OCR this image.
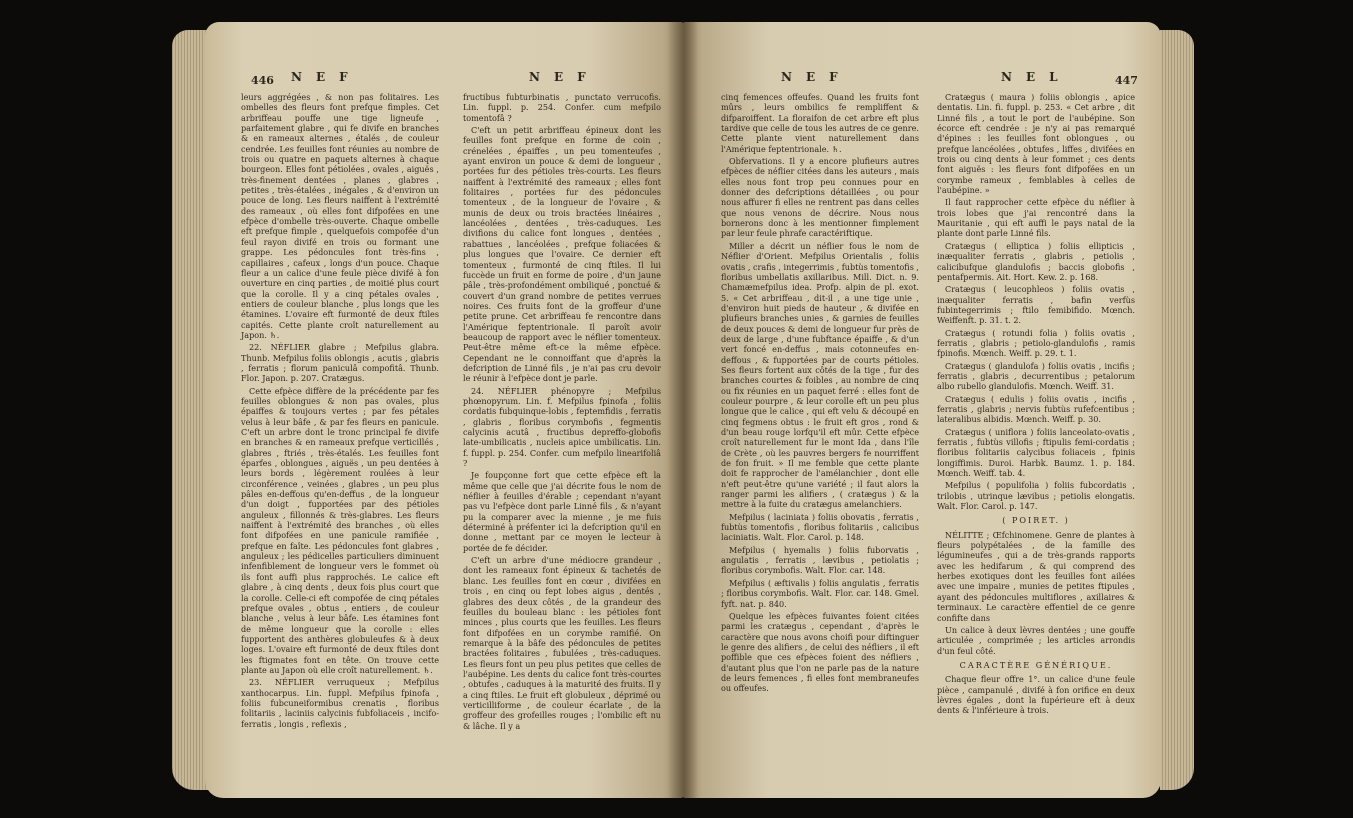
446 NEF	NEF

leurs aggrégées , & non pas folitaires. Les ombelles des fleurs font prefque fimples. Cet arbriffeau pouffe une tige ligneufe , parfaitement glabre , qui fe divife en branches & en rameaux alternes , étalés , de couleur cendrée. Les feuilles font réunies au nombre de trois ou quatre en paquets alternes à chaque bourgeon. Elles font pétiolées , ovales , aiguës , très-finement dentées , planes , glabres , petites , très-étalées , inégales , & d'environ un pouce de long. Les fleurs naiffent à l'extrémité des rameaux , où elles font difpofées en une efpèce d'ombelle très-ouverte. Chaque ombelle eft prefque fimple , quelquefois compofée d'un feul rayon divifé en trois ou formant une grappe. Les pédoncules font très-fins , capillaires , cafeux , longs d'un pouce. Chaque fleur a un calice d'une feule pièce divifé à fon ouverture en cinq parties , de moitié plus court que la corolle. Il y a cinq pétales ovales , entiers de couleur blanche , plus longs que les étamines. L'ovaire eft furmonté de deux ftiles capités. Cette plante croît naturellement au Japon. ♄.

22. NÉFLIER glabre ; Mefpilus glabra. Thunb. Mefpilus foliis oblongis , acutis , glabris , ferratis ; florum paniculâ compofitâ. Thunb. Flor. Japon. p. 207. Cratægus.

Cette efpèce diffère de la précédente par fes feuilles oblongues & non pas ovales, plus épaiffes & toujours vertes ; par fes pétales velus à leur bâfe , & par fes fleurs en panicule. C'eft un arbre dont le tronc principal fe divife en branches & en rameaux prefque verticillés , glabres , ftriés , très-étalés. Les feuilles font éparfes , oblongues , aiguës , un peu dentées à leurs bords , légèrement roulées à leur circonférence , veinées , glabres , un peu plus pâles en-deffous qu'en-deffus , de la longueur d'un doigt , fupportées par des pétioles anguleux , fillonnés & très-glabres. Les fleurs naiffent à l'extrémité des branches , où elles font difpofées en une panicule ramifiée , prefque en faîte. Les pédoncules font glabres , anguleux ; les pédicelles particuliers diminuent infenfiblement de longueur vers le fommet où ils font auffi plus rapprochés. Le calice eft glabre , à cinq dents , deux fois plus court que la corolle. Celle-ci eft compofée de cinq pétales prefque ovales , obtus , entiers , de couleur blanche , velus à leur bâfe. Les étamines font de même longueur que la corolle : elles fupportent des anthères globuleufes & à deux loges. L'ovaire eft furmonté de deux ftiles dont les ftigmates font en tête. On trouve cette plante au Japon où elle croît naturellement. ♄.

23. NÉFLIER verruqueux ; Mefpilus xanthocarpus. Lin. fuppl. Mefpilus fpinofa , foliis fubcuneiformibus crenatis , floribus folitariis , laciniis calycinis fubfoliaceis , incifo-ferratis , longis , reflexis ,

fructibus fubturbinatis , punctato verrucofis. Lin. fuppl. p. 254. Confer. cum mefpilo tomentofâ ?

C'eft un petit arbriffeau épineux dont les feuilles font prefque en forme de coin , crénelées , épaiffes , un peu tomenteufes , ayant environ un pouce & demi de longueur , portées fur des pétioles très-courts. Les fleurs naiffent à l'extrémité des rameaux ; elles font folitaires , portées fur des pédoncules tomenteux , de la longueur de l'ovaire , & munis de deux ou trois bractées linéaires , lancéolées , dentées , très-caduques. Les divifions du calice font longues , dentées , rabattues , lancéolées , prefque foliacées & plus longues que l'ovaire. Ce dernier eft tomenteux , furmonté de cinq ftiles. Il lui fuccède un fruit en forme de poire , d'un jaune pâle , très-profondément ombiliqué , ponctué & couvert d'un grand nombre de petites verrues noires. Ces fruits font de la groffeur d'une petite prune. Cet arbriffeau fe rencontre dans l'Amérique feptentrionale. Il paroît avoir beaucoup de rapport avec le néflier tomenteux. Peut-être même eft-ce la même efpèce. Cependant ne le connoiffant que d'après la defcription de Linné fils , je n'ai pas cru devoir le réunir à l'efpèce dont je parle.

24. NÉFLIER phénopyre ; Mefpilus phœnopyrum. Lin. f. Mefpilus fpinofa , foliis cordatis fubquinque-lobis , feptemfidis , ferratis , glabris , floribus corymbofis , fegmentis calycinis acutâ , fructibus depreffo-globofis late-umbilicatis , nucleis apice umbilicatis. Lin. f. fuppl. p. 254. Confer. cum mefpilo linearifoliâ ?

Je foupçonne fort que cette efpèce eft la même que celle que j'ai décrite fous le nom de néflier à feuilles d'érable ; cependant n'ayant pas vu l'efpèce dont parle Linné fils , & n'ayant pu la comparer avec la mienne , je me fuis déterminé à préfenter ici la defcription qu'il en donne , mettant par ce moyen le lecteur à portée de fe décider.

C'eft un arbre d'une médiocre grandeur , dont les rameaux font épineux & tachetés de blanc. Les feuilles font en cœur , divifées en trois , en cinq ou fept lobes aigus , dentés , glabres des deux côtés , de la grandeur des feuilles du bouleau blanc : les pétioles font minces , plus courts que les feuilles. Les fleurs font difpofées en un corymbe ramifié. On remarque à la bâfe des pédoncules de petites bractées folitaires , fubulées , très-caduques. Les fleurs font un peu plus petites que celles de l'aubépine. Les dents du calice font très-courtes , obtufes , caduques à la maturité des fruits. Il y a cinq ftiles. Le fruit eft globuleux , déprimé ou verticilliforme , de couleur écarlate , de la groffeur des grofeilles rouges ; l'ombilic eft nu & lâche. Il y a

NEF	NEL	447

cinq femences offeufes. Quand les fruits font mûrs , leurs ombilics fe rempliffent & difparoiffent. La floraifon de cet arbre eft plus tardive que celle de tous les autres de ce genre. Cette plante vient naturellement dans l'Amérique feptentrionale. ♄.

Obfervations. Il y a encore plufieurs autres efpèces de néflier citées dans les auteurs , mais elles nous font trop peu connues pour en donner des defcriptions détaillées , ou pour nous affurer fi elles ne rentrent pas dans celles que nous venons de décrire. Nous nous bornerons donc à les mentionner fimplement par leur feule phrafe caractériftique.

Miller a décrit un néflier fous le nom de Néflier d'Orient. Mefpilus Orientalis , foliis ovatis , crafis , integerrimis , fubtùs tomentofis , floribus umbellatis axillaribus. Mill. Dict. n. 9. Chamæmefpilus idea. Profp. alpin de pl. exot. 5. « Cet arbriffeau , dit-il , a une tige unie , d'environ huit pieds de hauteur , & divifée en plufieurs branches unies , & garnies de feuilles de deux pouces & demi de longueur fur près de deux de large , d'une fubftance épaiffe , & d'un vert foncé en-deffus , mais cotonneufes en-deffous , & fupportées par de courts pétioles. Ses fleurs fortent aux côtés de la tige , fur des branches courtes & foibles , au nombre de cinq ou fix réunies en un paquet ferré : elles font de couleur pourpre , & leur corolle eft un peu plus longue que le calice , qui eft velu & découpé en cinq fegmens obtus : le fruit eft gros , rond & d'un beau rouge lorfqu'il eft mûr. Cette efpèce croît naturellement fur le mont Ida , dans l'île de Crète , où les pauvres bergers fe nourriffent de fon fruit. » Il me femble que cette plante doit fe rapprocher de l'amélanchier , dont elle n'eft peut-être qu'une variété ; il faut alors la ranger parmi les alifiers , ( cratægus ) & la mettre à la fuite du cratægus amelanchiers.

Mefpilus ( laciniata ) foliis obovatis , ferratis , fubtùs tomentofis , floribus folitariis , calicibus laciniatis. Walt. Flor. Carol. p. 148.

Mefpilus ( hyemalis ) foliis fuborvatis , angulatis , ferratis , lævibus , petiolatis ; floribus corymbofis. Walt. Flor. car. 148.

Mefpilus ( æftivalis ) foliis angulatis , ferratis ; floribus corymbofis. Walt. Flor. car. 148. Gmel. fyft. nat. p. 840.

Quelque les efpèces fuivantes foient citées parmi les cratægus , cependant , d'après le caractère que nous avons choifi pour diftinguer le genre des alifiers , de celui des néfliers , il eft poffible que ces efpèces foient des néfliers , d'autant plus que l'on ne parle pas de la nature de leurs femences , fi elles font membraneufes ou offeufes.

Cratægus ( maura ) foliis oblongis , apice dentatis. Lin. fi. fuppl. p. 253. « Cet arbre , dit Linné fils , a tout le port de l'aubépine. Son écorce eft cendrée : je n'y ai pas remarqué d'épines : les feuilles font oblongues , ou prefque lancéolées , obtufes , liffes , divifées en trois ou cinq dents à leur fommet ; ces dents font aiguës : les fleurs font difpofées en un corymbe rameux , femblables à celles de l'aubépine. »

Il faut rapprocher cette efpèce du néflier à trois lobes que j'ai rencontré dans la Mauritanie , qui eft auffi le pays natal de la plante dont parle Linné fils.

Cratægus ( elliptica ) foliis ellipticis , inæqualiter ferratis , glabris , petiolis , calicibufque glandulofis ; baccis globofis , pentafpermis. Ait. Hort. Kew. 2. p. 168.

Cratægus ( leucophleos ) foliis ovatis , inæqualiter ferratis , bafin verfùs fubintegerrimis ; ftilo femibifido. Mœnch. Weiffenft. p. 31. t. 2.

Cratægus ( rotundi folia ) foliis ovatis , ferratis , glabris ; petiolo-glandulofis , ramis fpinofis. Mœnch. Weiff. p. 29. t. 1.

Cratægus ( glandulofa ) foliis ovatis , incifis ; ferratis , glabris , decurrentibus ; petalorum albo rubello glandulofis. Mœnch. Weiff. 31.

Cratægus ( edulis ) foliis ovatis , incifis , ferratis , glabris ; nervis fubtùs rufefcentibus ; lateralibus albidis. Mœnch. Weiff. p. 30.

Cratægus ( uniflora ) foliis lanceolato-ovatis , ferratis , fubtùs villofis ; ftipulis femi-cordatis ; floribus folitariis calycibus foliaceis , fpinis longiffimis. Duroi. Harbk. Baumz. 1. p. 184. Mœnch. Weiff. tab. 4.

Mefpilus ( populifolia ) foliis fubcordatis , trilobis , utrinque lævibus ; petiolis elongatis. Walt. Flor. Carol. p. 147.

( POIRET. )

NÉLITTE ; Œfchinomene. Genre de plantes à fleurs polypétalées , de la famille des légumineufes , qui a de très-grands rapports avec les hedifarum , & qui comprend des herbes exotiques dont les feuilles font ailées avec une impaire , munies de petites ftipules , ayant des pédoncules multiflores , axillaires & terminaux. Le caractère effentiel de ce genre confifte dans

Un calice à deux lèvres dentées ; une gouffe articulée , comprimée ; les articles arrondis d'un feul côté.

CARACTÈRE GÉNÉRIQUE.

Chaque fleur offre 1°. un calice d'une feule pièce , campanulé , divifé à fon orifice en deux lèvres égales , dont la fupérieure eft à deux dents & l'inférieure à trois.
